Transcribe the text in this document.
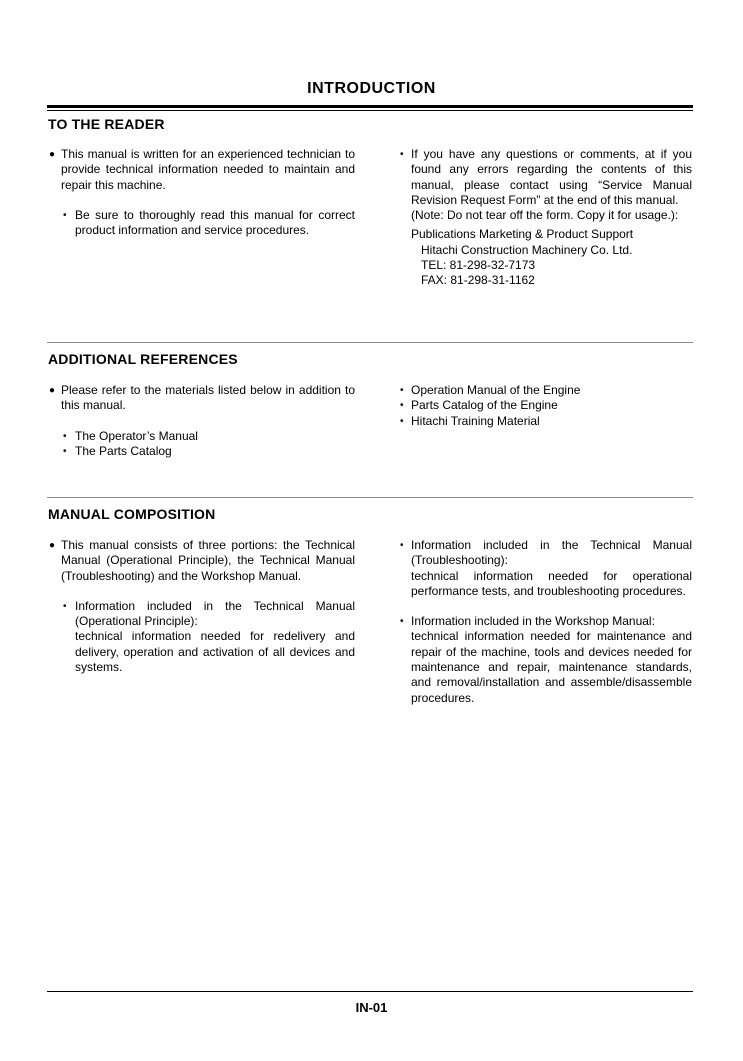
INTRODUCTION
TO THE READER
● This manual is written for an experienced technician to provide technical information needed to maintain and repair this machine.
• Be sure to thoroughly read this manual for correct product information and service procedures.
• If you have any questions or comments, at if you found any errors regarding the contents of this manual, please contact using “Service Manual Revision Request Form” at the end of this manual.
(Note: Do not tear off the form. Copy it for usage.):
Publications Marketing & Product Support
Hitachi Construction Machinery Co. Ltd.
TEL: 81-298-32-7173
FAX: 81-298-31-1162
ADDITIONAL REFERENCES
● Please refer to the materials listed below in addition to this manual.
• The Operator’s Manual
• The Parts Catalog
• Operation Manual of the Engine
• Parts Catalog of the Engine
• Hitachi Training Material
MANUAL COMPOSITION
● This manual consists of three portions: the Technical Manual (Operational Principle), the Technical Manual (Troubleshooting) and the Workshop Manual.
• Information included in the Technical Manual (Operational Principle):
technical information needed for redelivery and delivery, operation and activation of all devices and systems.
• Information included in the Technical Manual (Troubleshooting):
technical information needed for operational performance tests, and troubleshooting procedures.
• Information included in the Workshop Manual:
technical information needed for maintenance and repair of the machine, tools and devices needed for maintenance and repair, maintenance standards, and removal/installation and assemble/disassemble procedures.
IN-01
